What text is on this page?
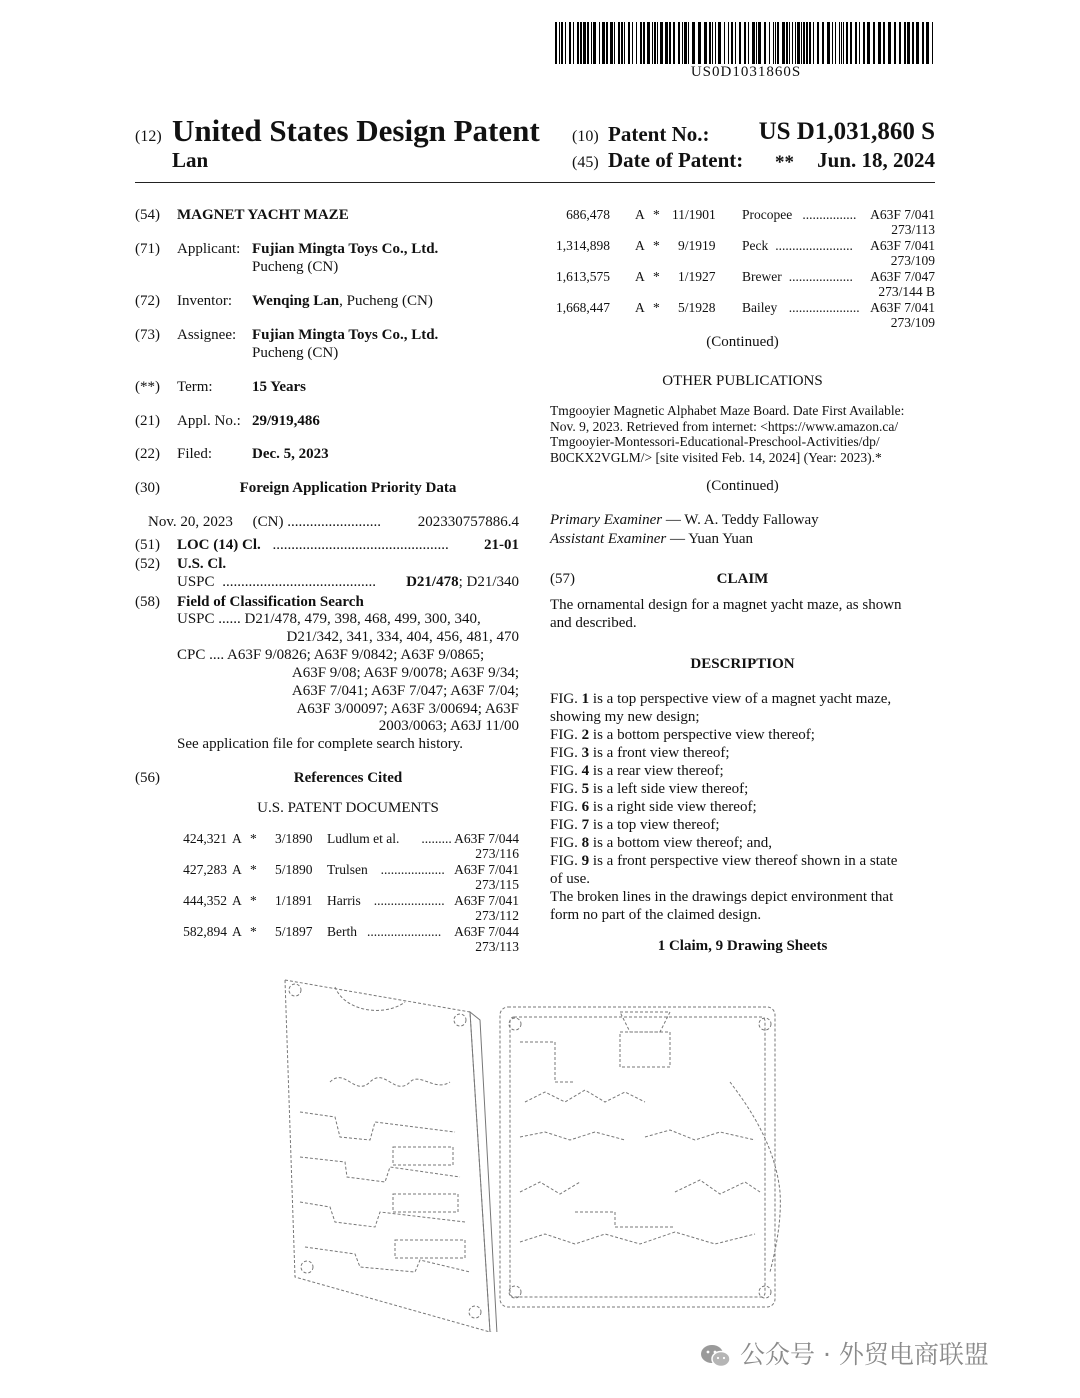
US0D1031860S
(12) United States Design Patent
Lan
(10) Patent No.:	US D1,031,860 S
(45) Date of Patent: **	Jun. 18, 2024
(54) MAGNET YACHT MAZE
(71) Applicant: Fujian Mingta Toys Co., Ltd.
Pucheng (CN)
(72) Inventor: Wenqing Lan, Pucheng (CN)
(73) Assignee: Fujian Mingta Toys Co., Ltd.
Pucheng (CN)
(**) Term:	15 Years
(21) Appl. No.: 29/919,486
(22) Filed:	Dec. 5, 2023
(30)	Foreign Application Priority Data
Nov. 20, 2023 (CN) ......................... 202330757886.4
(51) LOC (14) Cl. ............................................... 21-01
(52) U.S. Cl.
USPC ......................................... D21/478; D21/340
(58) Field of Classification Search
USPC ...... D21/478, 479, 398, 468, 499, 300, 340,
D21/342, 341, 334, 404, 456, 481, 470
CPC .... A63F 9/0826; A63F 9/0842; A63F 9/0865;
A63F 9/08; A63F 9/0078; A63F 9/34;
A63F 7/041; A63F 7/047; A63F 7/04;
A63F 3/00097; A63F 3/00694; A63F
2003/0063; A63J 11/00
See application file for complete search history.
(56)	References Cited
U.S. PATENT DOCUMENTS
424,321 A * 3/1890 Ludlum et al. ......... A63F 7/044
273/116
427,283 A * 5/1890 Trulsen ................... A63F 7/041
273/115
444,352 A * 1/1891 Harris ..................... A63F 7/041
273/112
582,894 A * 5/1897 Berth ...................... A63F 7/044
273/113
686,478 A * 11/1901 Procopee ................ A63F 7/041
273/113
1,314,898 A * 9/1919 Peck ....................... A63F 7/041
273/109
1,613,575 A * 1/1927 Brewer ................... A63F 7/047
273/144 B
1,668,447 A * 5/1928 Bailey ..................... A63F 7/041
273/109
(Continued)
OTHER PUBLICATIONS
Tmgooyier Magnetic Alphabet Maze Board. Date First Available:
Nov. 9, 2023. Retrieved from internet: <https://www.amazon.ca/
Tmgooyier-Montessori-Educational-Preschool-Activities/dp/
B0CKX2VGLM/> [site visited Feb. 14, 2024] (Year: 2023).*
(Continued)
Primary Examiner — W. A. Teddy Falloway
Assistant Examiner — Yuan Yuan
(57)	CLAIM
The ornamental design for a magnet yacht maze, as shown
and described.
DESCRIPTION
FIG. 1 is a top perspective view of a magnet yacht maze,
showing my new design;
FIG. 2 is a bottom perspective view thereof;
FIG. 3 is a front view thereof;
FIG. 4 is a rear view thereof;
FIG. 5 is a left side view thereof;
FIG. 6 is a right side view thereof;
FIG. 7 is a top view thereof;
FIG. 8 is a bottom view thereof; and,
FIG. 9 is a front perspective view thereof shown in a state
of use.
The broken lines in the drawings depict environment that
form no part of the claimed design.
1 Claim, 9 Drawing Sheets
公众号 · 外贸电商联盟
